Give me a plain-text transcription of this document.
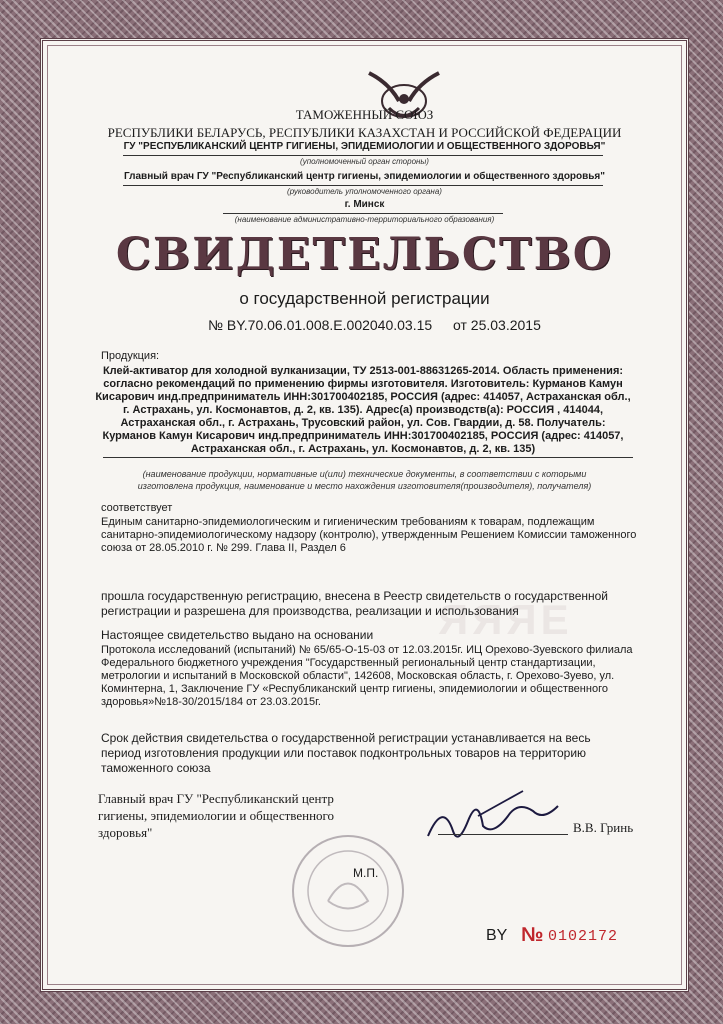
ТАМОЖЕННЫЙ СОЮЗ
РЕСПУБЛИКИ БЕЛАРУСЬ, РЕСПУБЛИКИ КАЗАХСТАН И РОССИЙСКОЙ ФЕДЕРАЦИИ
ГУ "РЕСПУБЛИКАНСКИЙ ЦЕНТР ГИГИЕНЫ, ЭПИДЕМИОЛОГИИ И ОБЩЕСТВЕННОГО ЗДОРОВЬЯ"
(уполномоченный орган стороны)
Главный врач ГУ "Республиканский центр гигиены, эпидемиологии и общественного здоровья"
(руководитель уполномоченного органа)
г. Минск
(наименование административно-территориального образования)
СВИДЕТЕЛЬСТВО
о государственной регистрации
№ BY.70.06.01.008.Е.002040.03.15 от 25.03.2015
Продукция:
Клей-активатор для холодной вулканизации, ТУ 2513-001-88631265-2014. Область применения:
согласно рекомендаций по применению фирмы изготовителя. Изготовитель: Курманов Камун
Кисарович инд.предприниматель ИНН:301700402185, РОССИЯ (адрес: 414057, Астраханская обл.,
г. Астрахань, ул. Космонавтов, д. 2, кв. 135). Адрес(а) производств(а): РОССИЯ , 414044,
Астраханская обл., г. Астрахань, Трусовский район, ул. Сов. Гвардии, д. 58. Получатель:
Курманов Камун Кисарович инд.предприниматель ИНН:301700402185, РОССИЯ (адрес: 414057,
Астраханская обл., г. Астрахань, ул. Космонавтов, д. 2, кв. 135)
(наименование продукции, нормативные и(или) технические документы, в соответствии с которыми
изготовлена продукция, наименование и место нахождения изготовителя(производителя), получателя)
соответствует
Единым санитарно-эпидемиологическим и гигиеническим требованиям к товарам, подлежащим
санитарно-эпидемиологическому надзору (контролю), утвержденным Решением Комиссии таможенного
союза от 28.05.2010 г. № 299. Глава II, Раздел 6
ЯЯЯЕ
прошла государственную регистрацию, внесена в Реестр свидетельств о государственной
регистрации и разрешена для производства, реализации и использования
Настоящее свидетельство выдано на основании
Протокола исследований (испытаний) № 65/65-О-15-03 от 12.03.2015г. ИЦ Орехово-Зуевского филиала
Федерального бюджетного учреждения "Государственный региональный центр стандартизации,
метрологии и испытаний в Московской области", 142608, Московская область, г. Орехово-Зуево, ул.
Коминтерна, 1, Заключение ГУ «Республиканский центр гигиены, эпидемиологии и общественного
здоровья»№18-30/2015/184 от 23.03.2015г.
Срок действия свидетельства о государственной регистрации устанавливается на весь
период изготовления продукции или поставок подконтрольных товаров на территорию
таможенного союза
Главный врач ГУ "Республиканский центр
гигиены, эпидемиологии и общественного
здоровья"
М.П.
В.В. Гринь
BY № 0102172
